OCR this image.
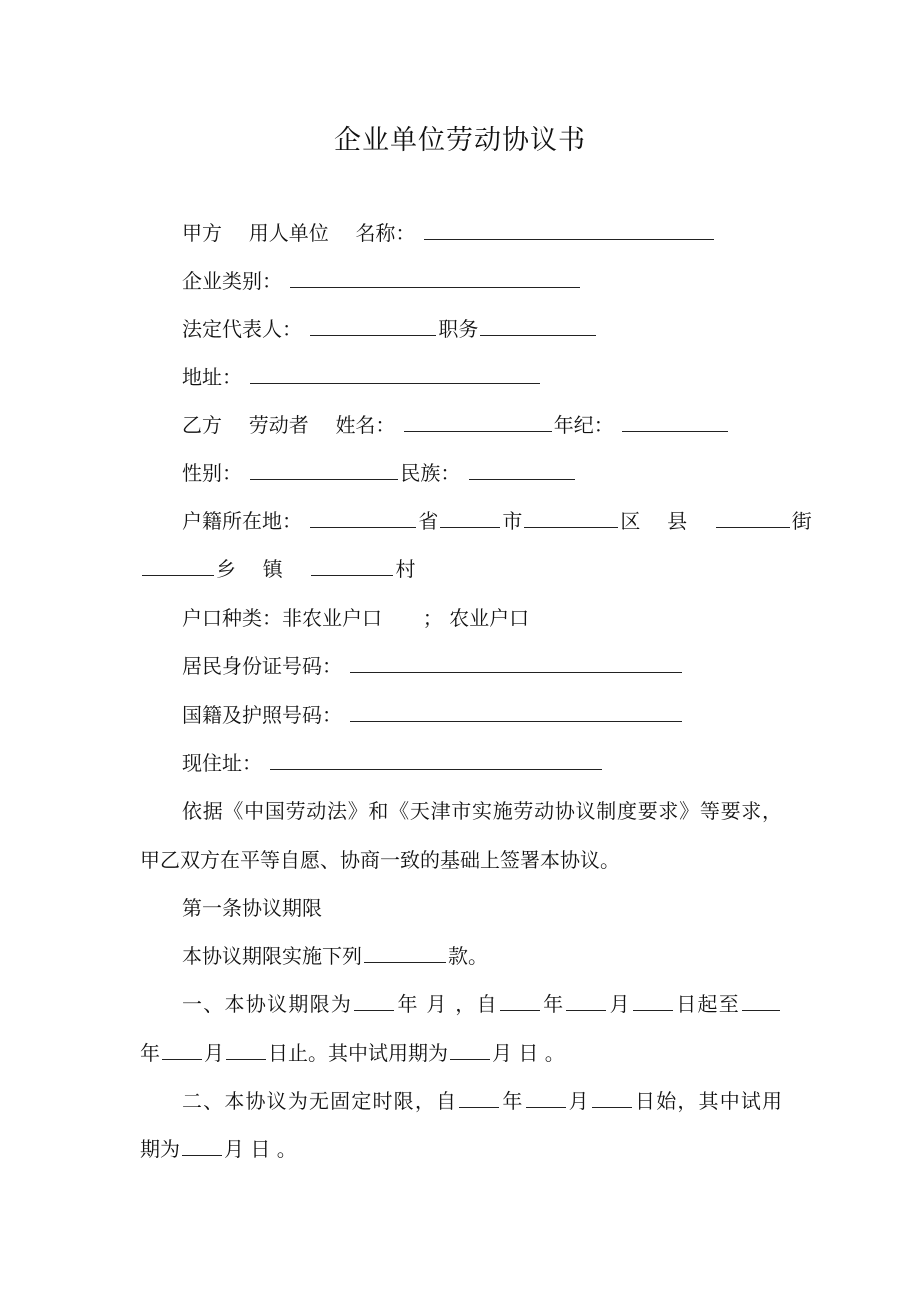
企业单位劳动协议书
甲方 用人单位 名称：
企业类别：
法定代表人：	职务
地址：
乙方 劳动者 姓名：	年纪：
性别：	民族：
户籍所在地：	省	市	区 县	街
乡 镇	村
户口种类：非农业户口 ； 农业户口
居民身份证号码：
国籍及护照号码：
现住址：
依据《中国劳动法》和《天津市实施劳动协议制度要求》等要求，
甲乙双方在平等自愿、协商一致的基础上签署本协议。
第一条协议期限
本协议期限实施下列	款。
一、本协议期限为 年 月 ，自 年 月 日起至
年 月 日止。其中试用期为 月 日 。
二、本协议为无固定时限，自 年 月 日始，其中试用
期为 月 日 。
